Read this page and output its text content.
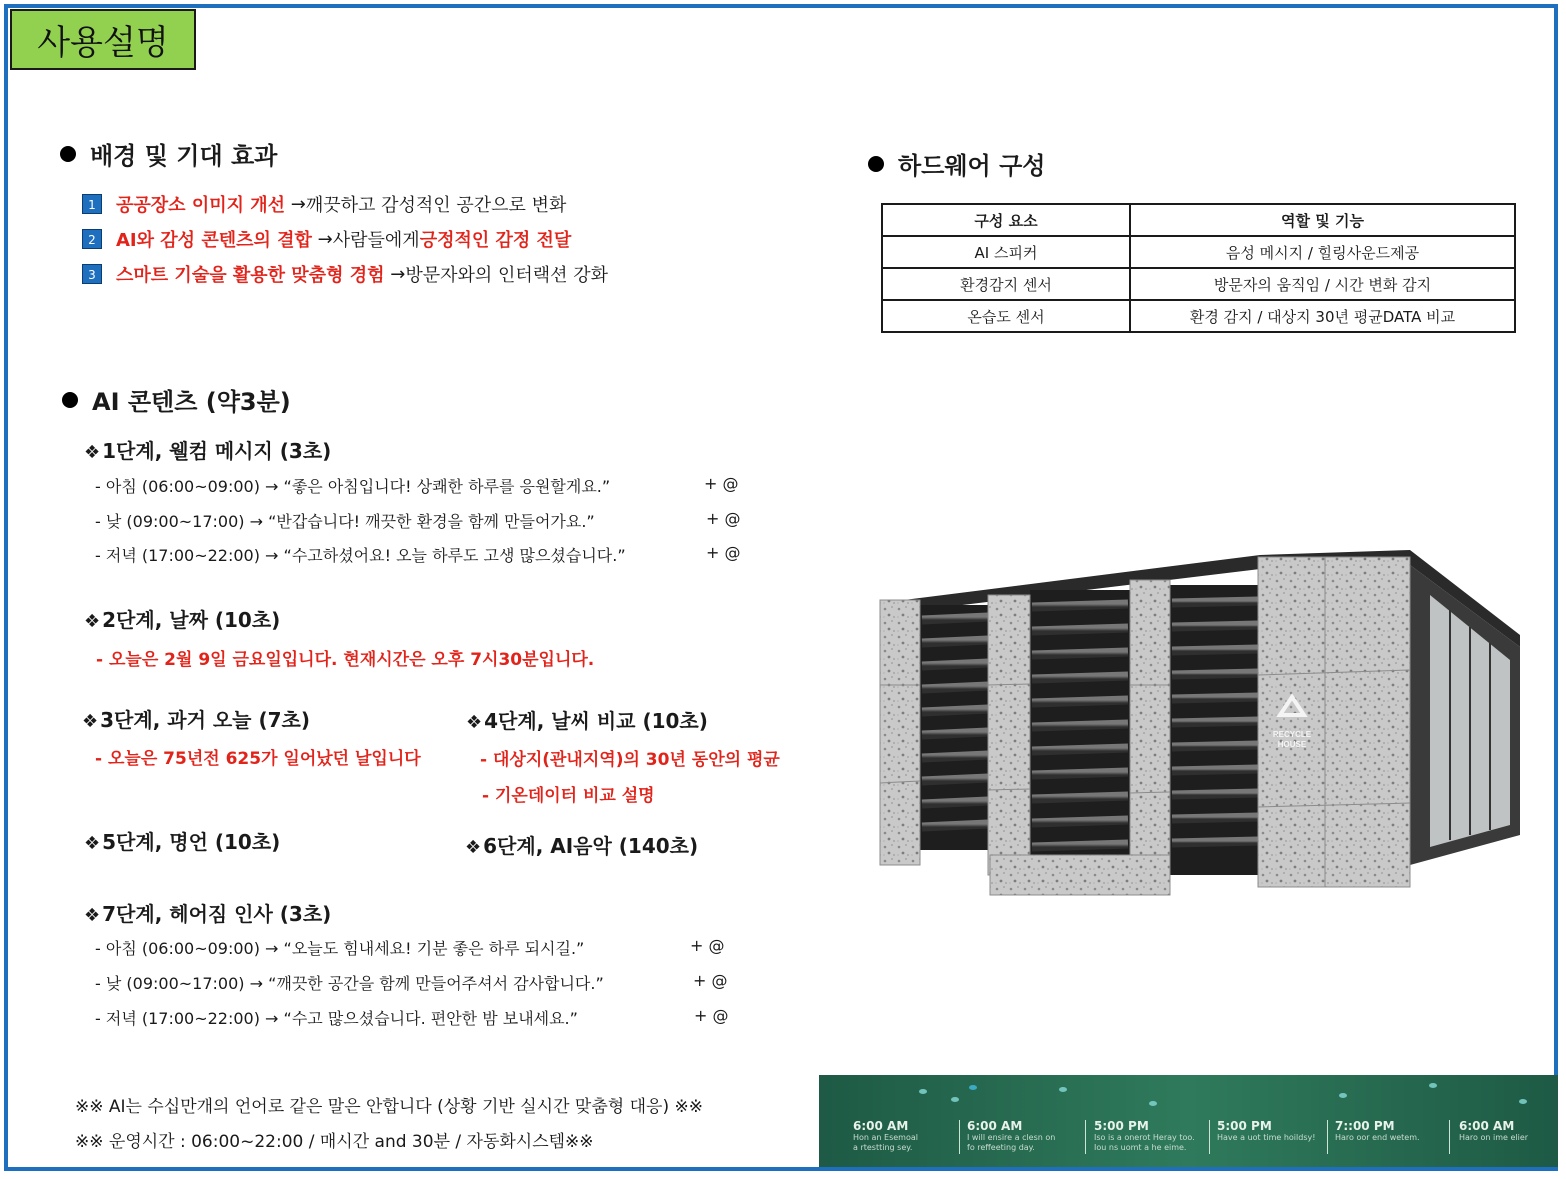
사용설명
배경 및 기대 효과
1	공공장소 이미지 개선 → 깨끗하고 감성적인 공간으로 변화
2	AI와 감성 콘텐츠의 결합 → 사람들에게 긍정적인 감정 전달
3	스마트 기술을 활용한 맞춤형 경험 → 방문자와의 인터랙션 강화
AI 콘텐츠 (약3분)
❖ 1단계, 웰컴 메시지 (3초)
- 아침 (06:00~09:00) → “좋은 아침입니다! 상쾌한 하루를 응원할게요.”	+ @
- 낮 (09:00~17:00) → “반갑습니다! 깨끗한 환경을 함께 만들어가요.”	+ @
- 저녁 (17:00~22:00) → “수고하셨어요! 오늘 하루도 고생 많으셨습니다.”	+ @
❖ 2단계, 날짜 (10초)
- 오늘은 2월 9일 금요일입니다. 현재시간은 오후 7시30분입니다.
❖ 3단계, 과거 오늘 (7초)
- 오늘은 75년전 625가 일어났던 날입니다
❖ 4단계, 날씨 비교 (10초)
- 대상지(관내지역)의 30년 동안의 평균
- 기온데이터 비교 설명
❖ 5단계, 명언 (10초)	❖ 6단계, AI음악 (140초)
❖ 7단계, 헤어짐 인사 (3초)
- 아침 (06:00~09:00) → “오늘도 힘내세요! 기분 좋은 하루 되시길.”	+ @
- 낮 (09:00~17:00) → “깨끗한 공간을 함께 만들어주셔서 감사합니다.”	+ @
- 저녁 (17:00~22:00) → “수고 많으셨습니다. 편안한 밤 보내세요.”	+ @
※※ AI는 수십만개의 언어로 같은 말은 안합니다 (상황 기반 실시간 맞춤형 대응) ※※
※※ 운영시간 : 06:00~22:00 / 매시간 and 30분 / 자동화시스템※※
하드웨어 구성
구성 요소	역할 및 기능
AI 스피커	음성 메시지 / 힐링사운드제공
환경감지 센서	방문자의 움직임 / 시간 변화 감지
온습도 센서	환경 감지 / 대상지 30년 평균DATA 비교
RECYCLE
HOUSE
6:00 AM
Hon an Esemoal
a rtestting sey.
6:00 AM
I will ensire a clesn on
fo reffeeting day.
5:00 PM
Iso is a onerot Heray too.
Iou ns uomt a he eime.
5:00 PM
Have a uot time hoildsy!
7::00 PM
Haro oor end wetem.
6:00 AM
Haro on ime elier
